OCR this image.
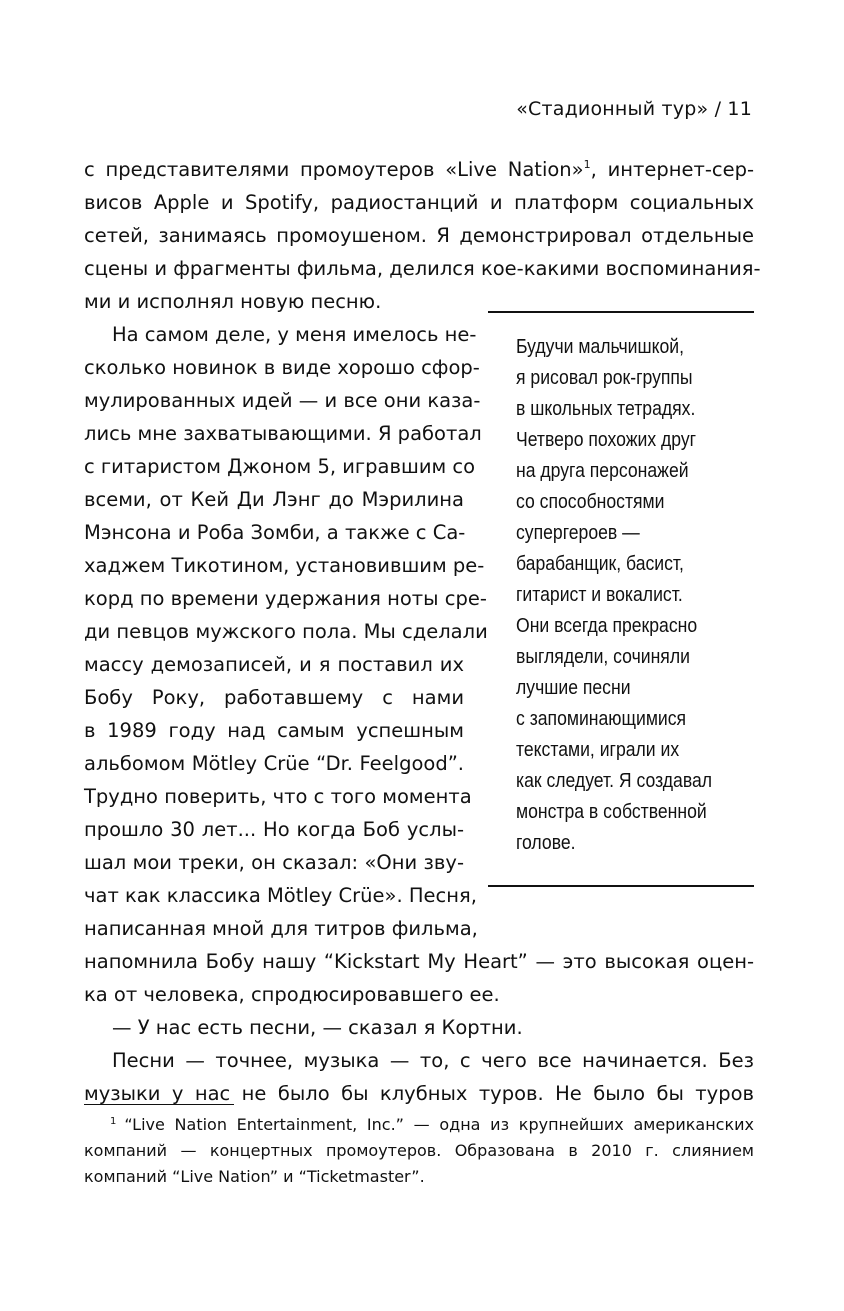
«Стадионный тур» / 11
с представителями промоутеров «Live Nation»$^1$, интернет-сер-
висов Apple и Spotify, радиостанций и платформ социальных
сетей, занимаясь промоушеном. Я демонстрировал отдельные
сцены и фрагменты фильма, делился кое-какими воспоминания-
ми и исполнял новую песню.
На самом деле, у меня имелось не-
сколько новинок в виде хорошо сфор-
мулированных идей — и все они каза-
лись мне захватывающими. Я работал
с гитаристом Джоном 5, игравшим со
всеми, от Кей Ди Лэнг до Мэрилина
Мэнсона и Роба Зомби, а также с Са-
хаджем Тикотином, установившим ре-
корд по времени удержания ноты сре-
ди певцов мужского пола. Мы сделали
массу демозаписей, и я поставил их
Бобу Року, работавшему с нами
в 1989 году над самым успешным
альбомом Mötley Crüe “Dr. Feelgood”.
Трудно поверить, что с того момента
прошло 30 лет... Но когда Боб услы-
шал мои треки, он сказал: «Они зву-
чат как классика Mötley Crüe». Песня,
написанная мной для титров фильма,
напомнила Бобу нашу “Kickstart My Heart” — это высокая оцен-
ка от человека, спродюсировавшего ее.
— У нас есть песни, — сказал я Кортни.
Песни — точнее, музыка — то, с чего все начинается. Без
музыки у нас не было бы клубных туров. Не было бы туров
Будучи мальчишкой,
я рисовал рок-группы
в школьных тетрадях.
Четверо похожих друг
на друга персонажей
со способностями
супергероев —
барабанщик, басист,
гитарист и вокалист.
Они всегда прекрасно
выглядели, сочиняли
лучшие песни
с запоминающимися
текстами, играли их
как следует. Я создавал
монстра в собственной
голове.
$^1$ “Live Nation Entertainment, Inc.” — одна из крупнейших американских
компаний — концертных промоутеров. Образована в 2010 г. слиянием
компаний “Live Nation” и “Ticketmaster”.
